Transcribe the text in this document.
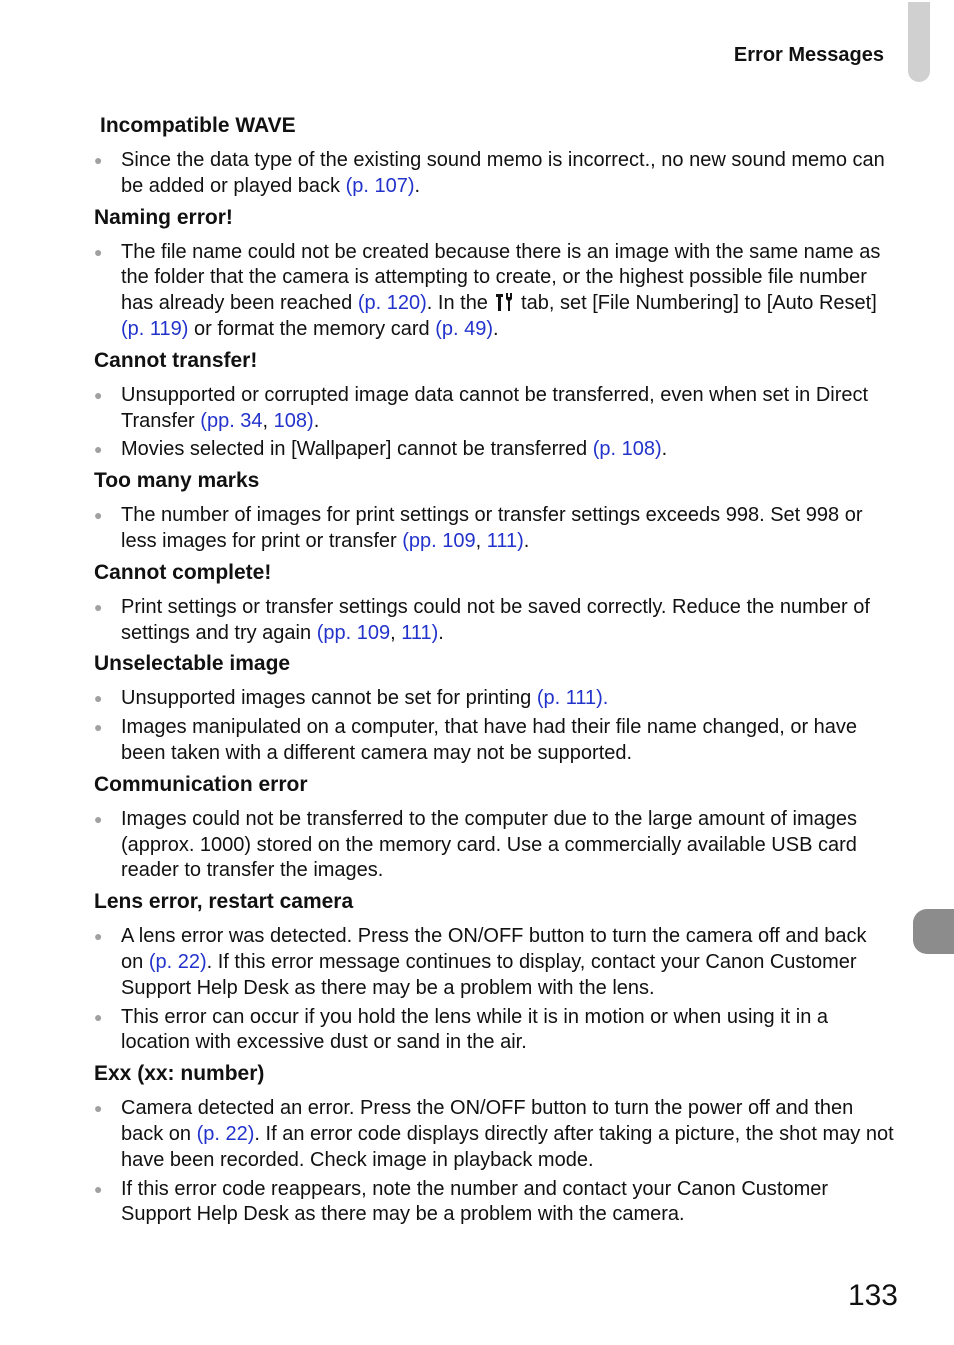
Error Messages
Incompatible WAVE
● Since the data type of the existing sound memo is incorrect., no new sound memo can be added or played back (p. 107).
Naming error!
● The file name could not be created because there is an image with the same name as the folder that the camera is attempting to create, or the highest possible file number has already been reached (p. 120). In the  tab, set [File Numbering] to [Auto Reset] (p. 119) or format the memory card (p. 49).
Cannot transfer!
● Unsupported or corrupted image data cannot be transferred, even when set in Direct Transfer (pp. 34, 108).
● Movies selected in [Wallpaper] cannot be transferred (p. 108).
Too many marks
● The number of images for print settings or transfer settings exceeds 998. Set 998 or less images for print or transfer (pp. 109, 111).
Cannot complete!
● Print settings or transfer settings could not be saved correctly. Reduce the number of settings and try again (pp. 109, 111).
Unselectable image
● Unsupported images cannot be set for printing (p. 111).
● Images manipulated on a computer, that have had their file name changed, or have been taken with a different camera may not be supported.
Communication error
● Images could not be transferred to the computer due to the large amount of images (approx. 1000) stored on the memory card. Use a commercially available USB card reader to transfer the images.
Lens error, restart camera
● A lens error was detected. Press the ON/OFF button to turn the camera off and back on (p. 22). If this error message continues to display, contact your Canon Customer Support Help Desk as there may be a problem with the lens.
● This error can occur if you hold the lens while it is in motion or when using it in a location with excessive dust or sand in the air.
Exx (xx: number)
● Camera detected an error. Press the ON/OFF button to turn the power off and then back on (p. 22). If an error code displays directly after taking a picture, the shot may not have been recorded. Check image in playback mode.
● If this error code reappears, note the number and contact your Canon Customer Support Help Desk as there may be a problem with the camera.
133
